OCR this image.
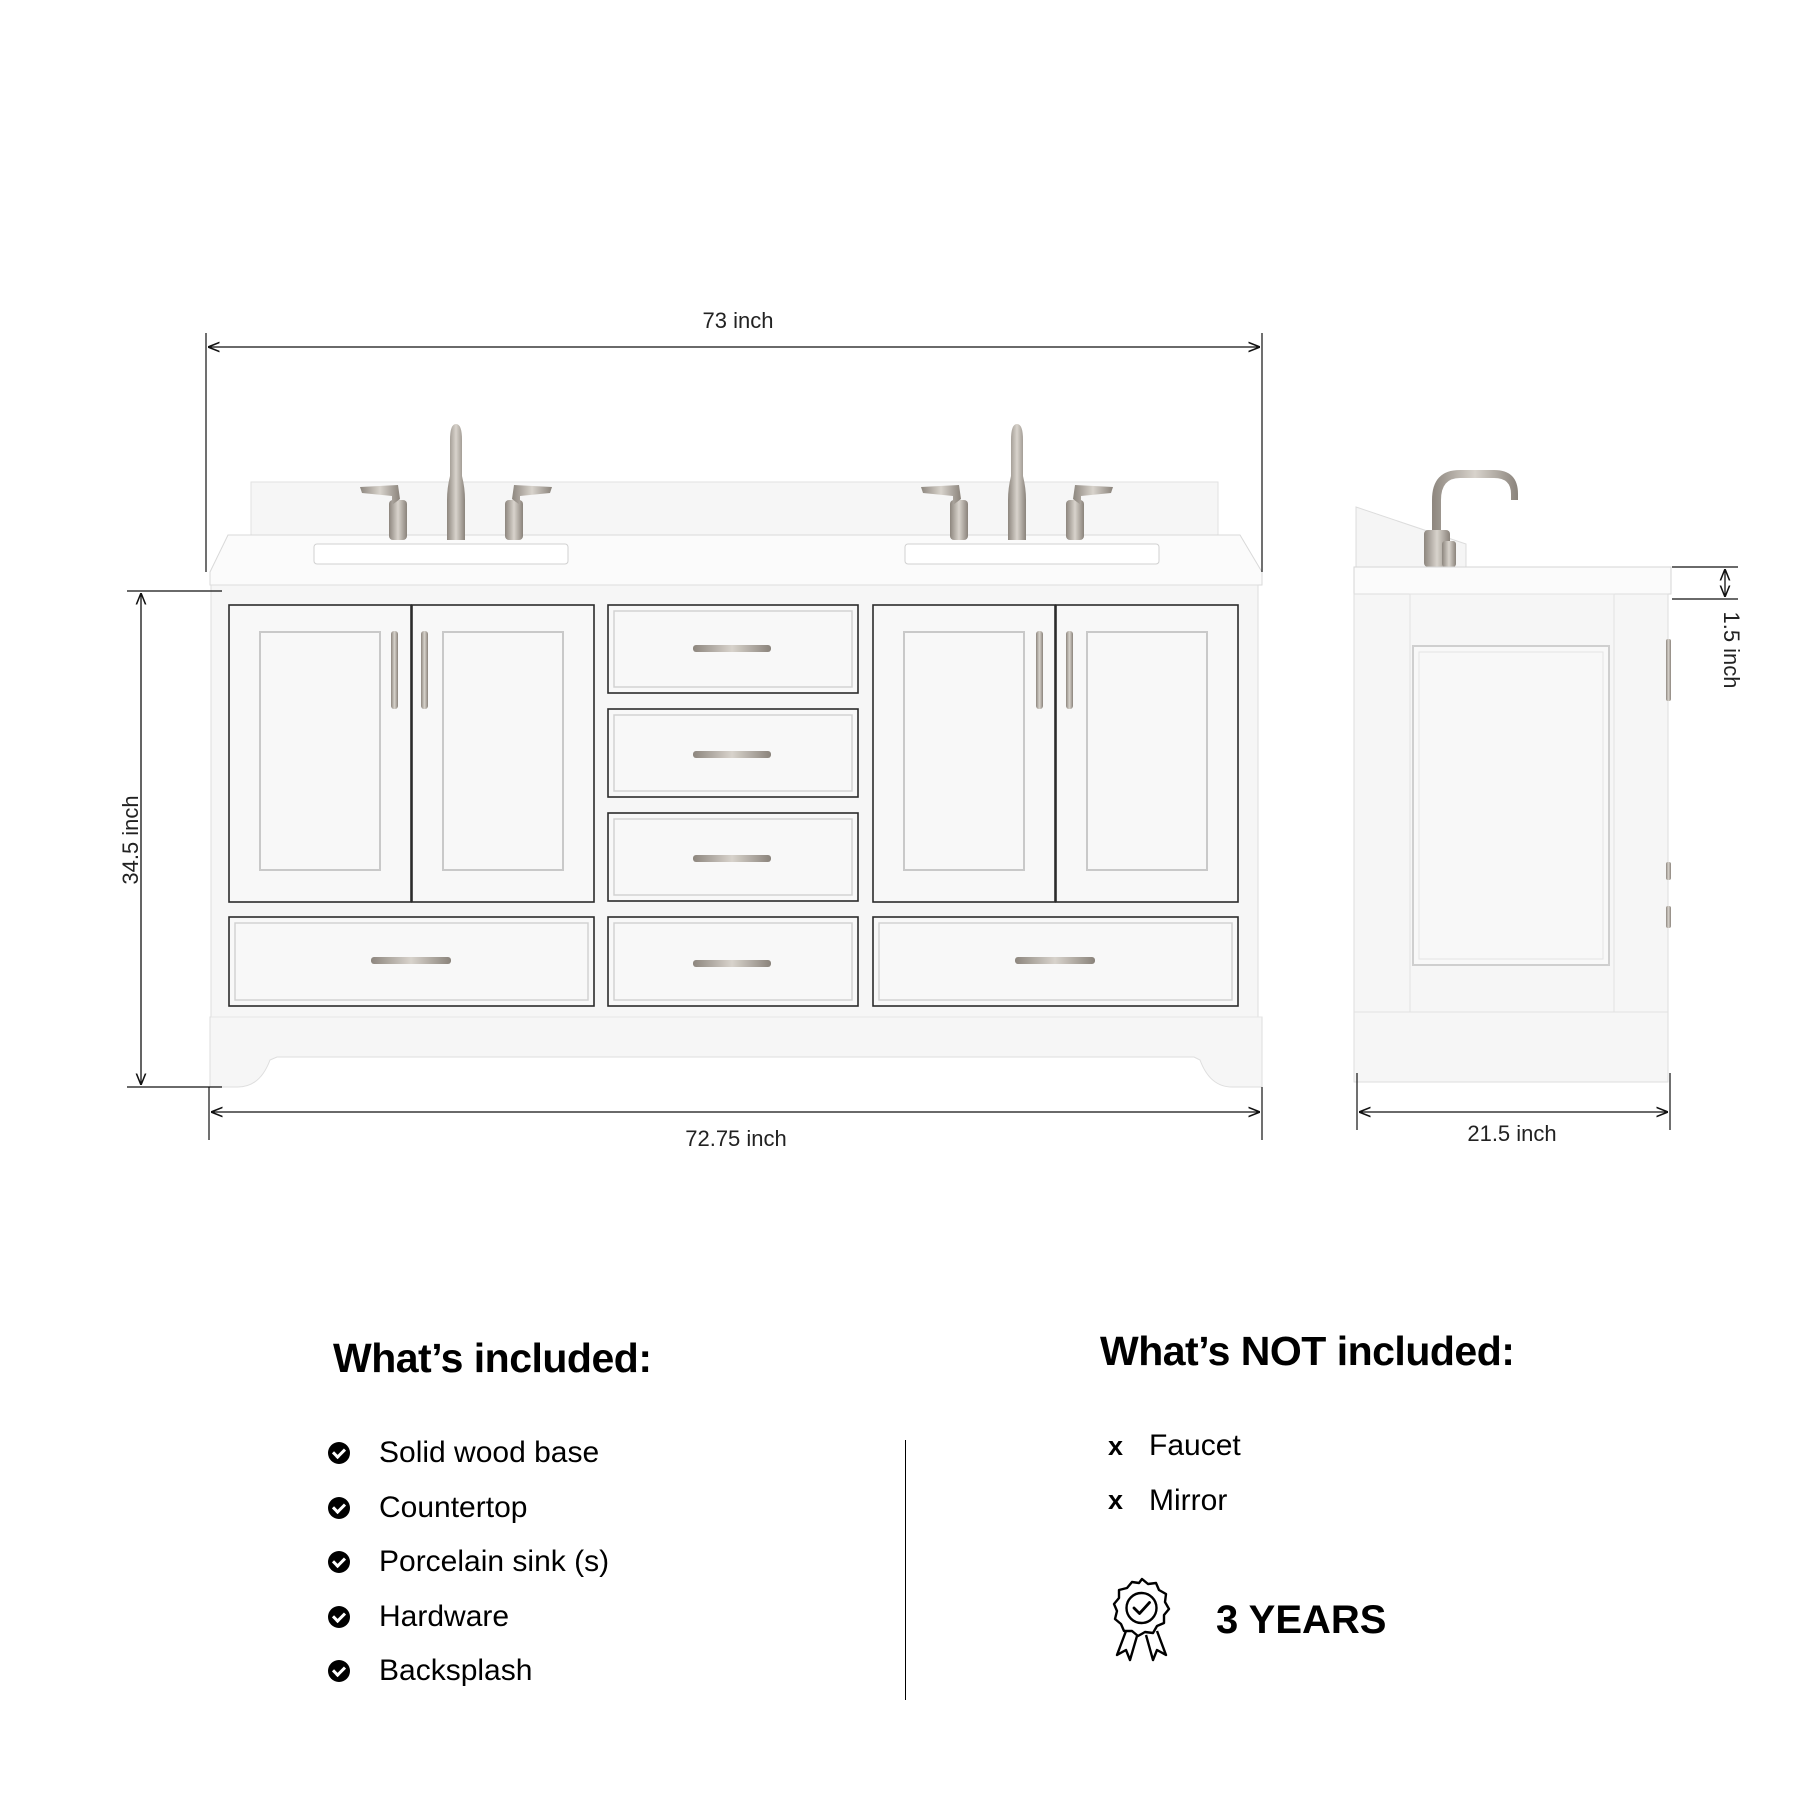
73 inch
34.5 inch
72.75 inch
1.5 inch
21.5 inch
What’s included:
Solid wood base
Countertop
Porcelain sink (s)
Hardware
Backsplash
What’s NOT included:
x Faucet
x Mirror
3 YEARS
